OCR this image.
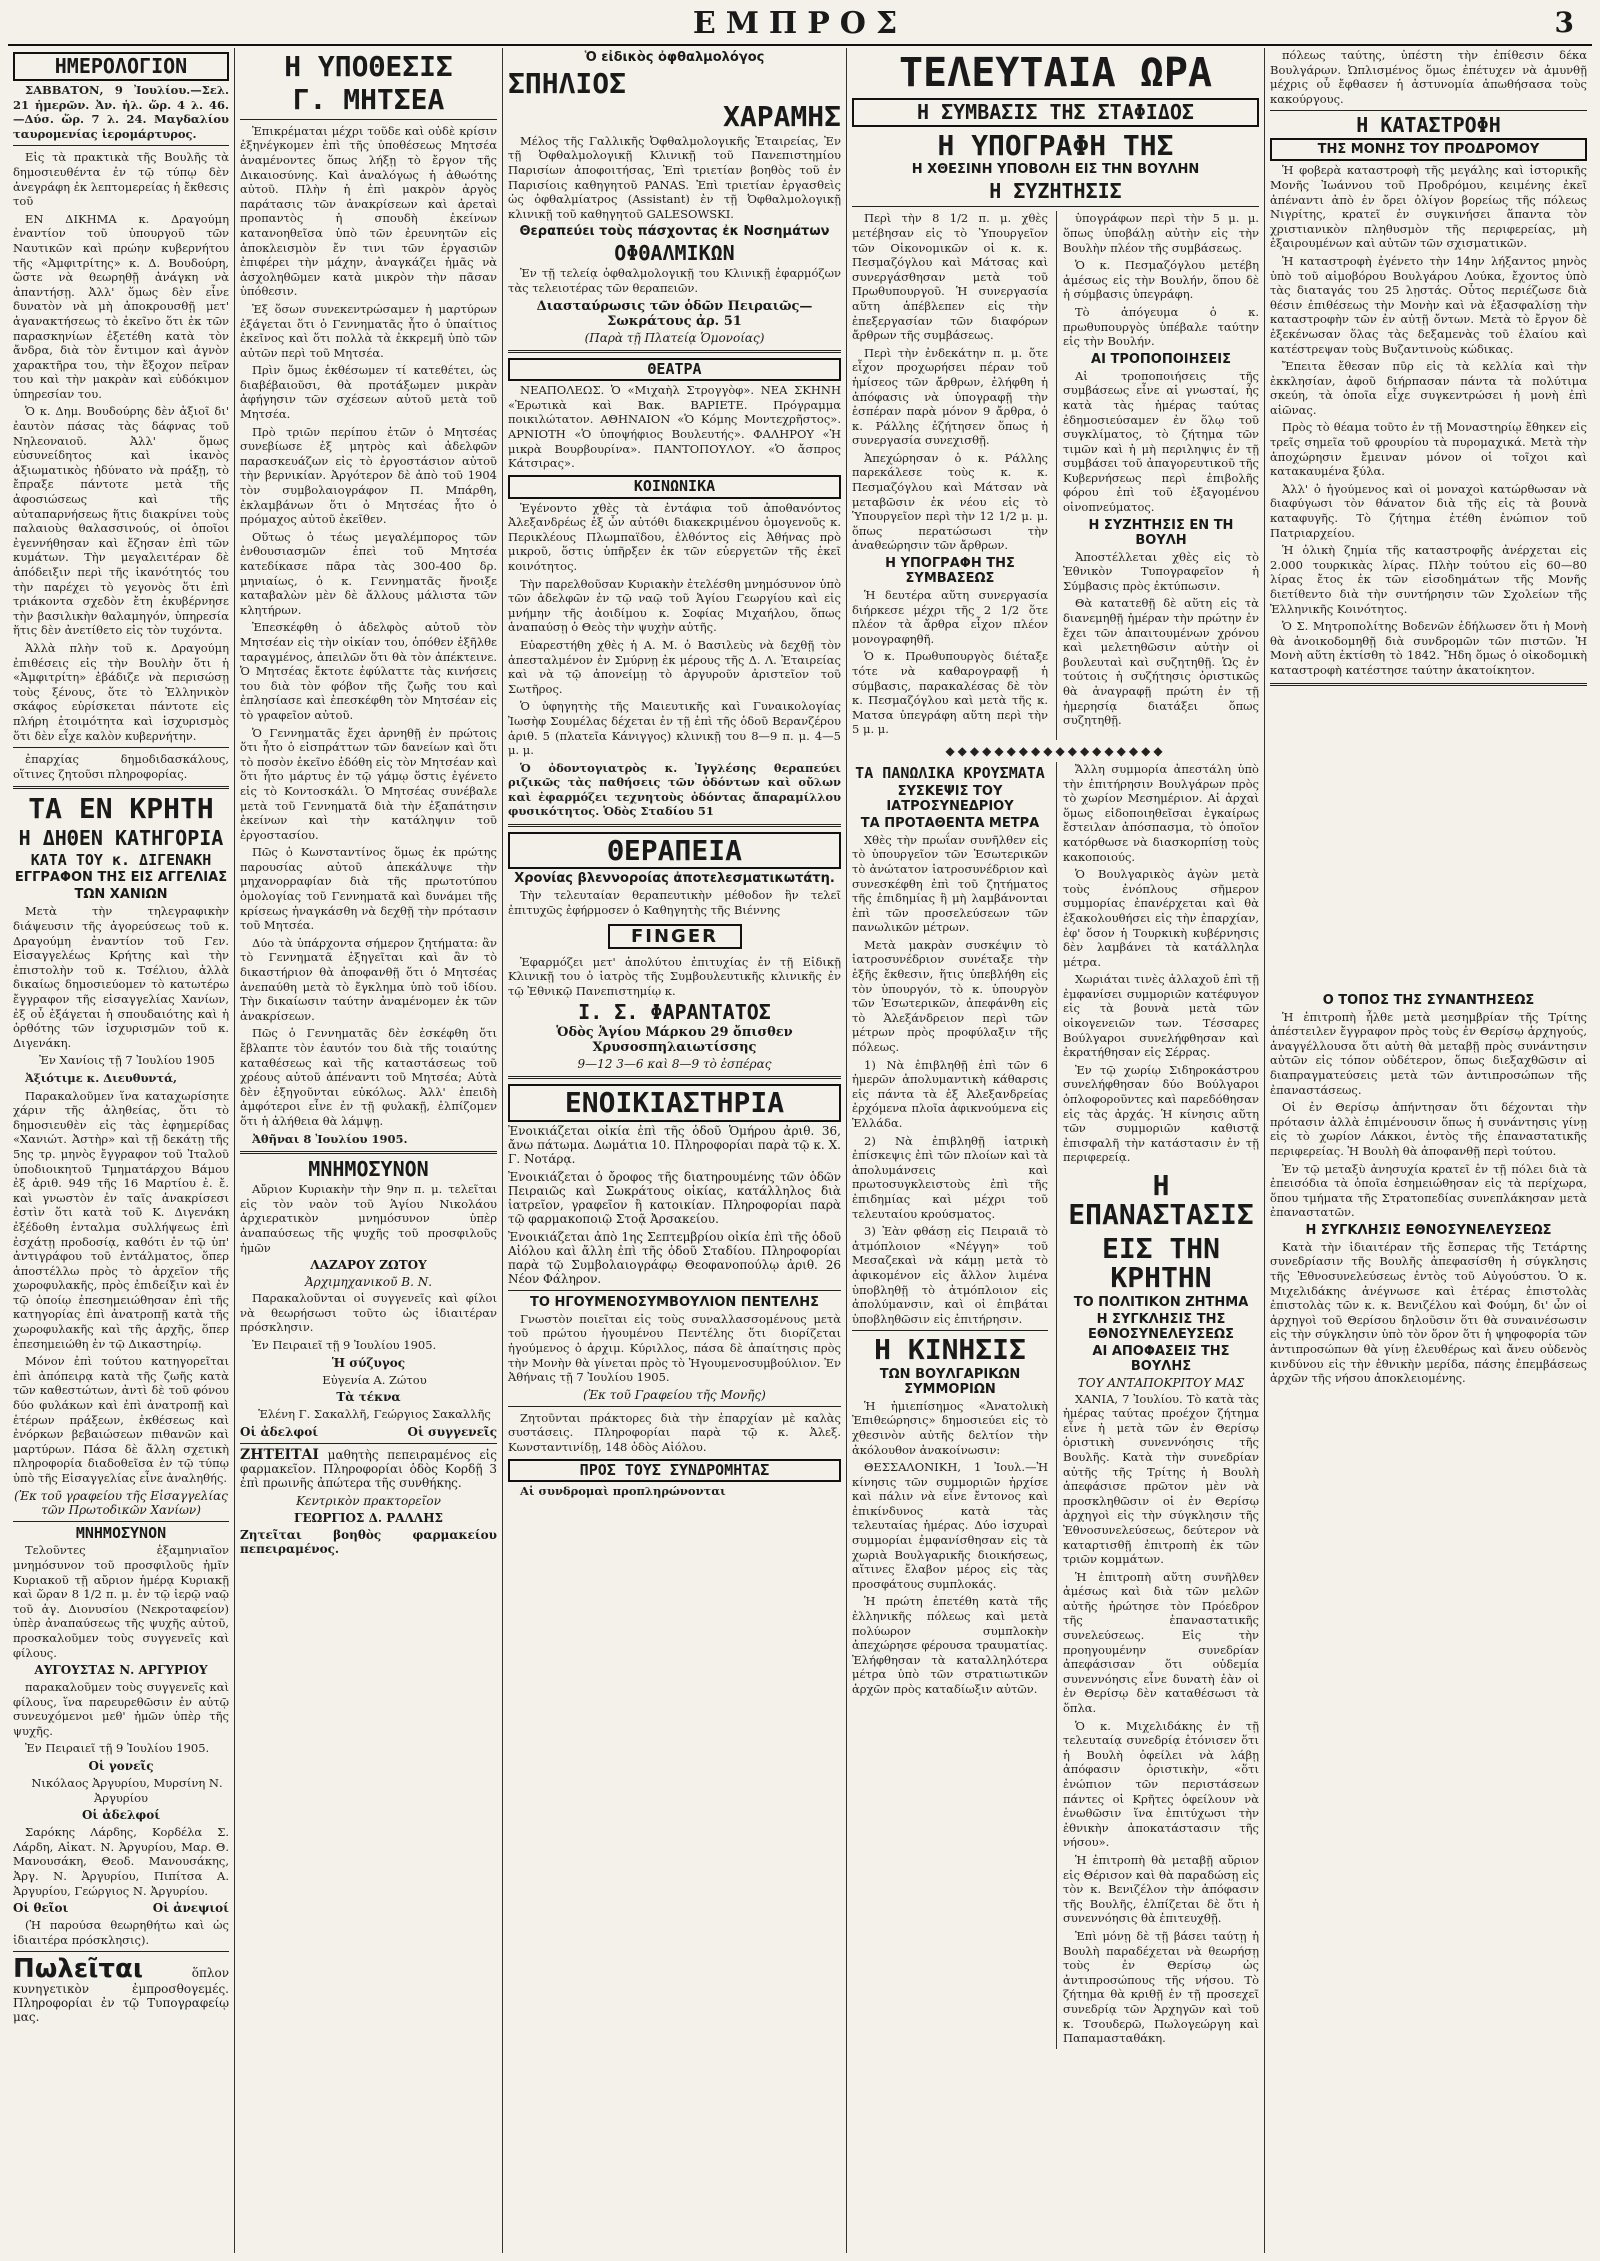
ΕΜΠΡΟΣ	3
ΗΜΕΡΟΛΟΓΙΟΝ

ΣΑΒΒΑΤΟΝ, 9 Ἰουλίου.—Σελ. 21 ἡμερῶν. Ἀν. ἡλ. ὥρ. 4 λ. 46. —Δύσ. ὥρ. 7 λ. 24. Μαγδαλίου ταυρομενίας ἱερομάρτυρος.

Εἰς τὰ πρακτικὰ τῆς Βουλῆς τὰ δημοσιευθέντα ἐν τῷ τύπῳ δὲν ἀνεγράφη ἐκ λεπτομερείας ἡ ἔκθεσις τοῦ

ΕΝ ΔΙΚΗΜΑ κ. Δραγούμη ἐναντίον τοῦ ὑπουργοῦ τῶν Ναυτικῶν καὶ πρώην κυβερνήτου τῆς «Ἀμφιτρίτης» κ. Δ. Βουδούρη, ὥστε νὰ θεωρηθῇ ἀνάγκη νὰ ἀπαντήσῃ. Ἀλλ' ὅμως δὲν εἶνε δυνατὸν νὰ μὴ ἀποκρουσθῇ μετ' ἀγανακτήσεως τὸ ἐκεῖνο ὅτι ἐκ τῶν παρασκηνίων ἐξετέθη κατὰ τὸν ἄνδρα, διὰ τὸν ἔντιμον καὶ ἁγνὸν χαρακτῆρα του, τὴν ἔξοχον πεῖραν του καὶ τὴν μακρὰν καὶ εὐδόκιμον ὑπηρεσίαν του.

Ὁ κ. Δημ. Βουδούρης δὲν ἀξιοῖ δι' ἐαυτὸν πάσας τὰς δάφνας τοῦ Νηλεοναιοῦ. Ἀλλ' ὅμως εὐσυνείδητος καὶ ἱκανὸς ἀξιωματικὸς ἠδύνατο νὰ πράξῃ, τὸ ἔπραξε πάντοτε μετὰ τῆς ἀφοσιώσεως καὶ τῆς αὐταπαρνήσεως ἥτις διακρίνει τοὺς παλαιοὺς θαλασσινούς, οἱ ὁποῖοι ἐγεννήθησαν καὶ ἔζησαν ἐπὶ τῶν κυμάτων. Τὴν μεγαλειτέραν δὲ ἀπόδειξιν περὶ τῆς ἱκανότητός του τὴν παρέχει τὸ γεγονὸς ὅτι ἐπὶ τριάκοντα σχεδὸν ἔτη ἐκυβέρνησε τὴν βασιλικὴν θαλαμηγόν, ὑπηρεσία ἥτις δὲν ἀνετίθετο εἰς τὸν τυχόντα.

Ἀλλὰ πλὴν τοῦ κ. Δραγούμη ἐπιθέσεις εἰς τὴν Βουλὴν ὅτι ἡ «Ἀμφιτρίτη» ἐβάδιζε νὰ περισώσῃ τοὺς ξένους, ὅτε τὸ Ἑλληνικὸν σκάφος εὑρίσκεται πάντοτε εἰς πλήρη ἑτοιμότητα καὶ ἰσχυρισμὸς ὅτι δὲν εἶχε καλὸν κυβερνήτην.

ἐπαρχίας δημοδιδασκάλους, οἵτινες ζητοῦσι πληροφορίας.

ΤΑ ΕΝ ΚΡΗΤΗ
Η ΔΗΘΕΝ ΚΑΤΗΓΟΡΙΑ
ΚΑΤΑ ΤΟΥ κ. ΔΙΓΕΝΑΚΗ
ΕΓΓΡΑΦΟΝ ΤΗΣ ΕΙΣ ΑΓΓΕΛΙΑΣ
ΤΩΝ ΧΑΝΙΩΝ

Μετὰ τὴν τηλεγραφικὴν διάψευσιν τῆς ἀγορεύσεως τοῦ κ. Δραγούμη ἐναντίον τοῦ Γεν. Εἰσαγγελέως Κρήτης καὶ τὴν ἐπιστολὴν τοῦ κ. Τσέλιου, ἀλλὰ δικαίως δημοσιεύομεν τὸ κατωτέρω ἔγγραφον τῆς εἰσαγγελίας Χανίων, ἐξ οὗ ἐξάγεται ἡ σπουδαιότης καὶ ἡ ὁρθότης τῶν ἰσχυρισμῶν τοῦ κ. Διγενάκη.

Ἐν Χανίοις τῇ 7 Ἰουλίου 1905

Ἀξιότιμε κ. Διευθυντά,

Παρακαλοῦμεν ἵνα καταχωρίσητε χάριν τῆς ἀληθείας, ὅτι τὸ δημοσιευθὲν εἰς τὰς ἐφημερίδας «Χανιώτ. Ἀστὴρ» καὶ τῇ δεκάτῃ τῆς 5ης τρ. μηνὸς ἔγγραφον τοῦ Ἰταλοῦ ὑποδιοικητοῦ Τμηματάρχου Βάμου ἐξ ἀριθ. 949 τῆς 16 Μαρτίου ἐ. ἔ. καὶ γνωστὸν ἐν ταῖς ἀνακρίσεσι ἐστὶν ὅτι κατὰ τοῦ Κ. Διγενάκη ἐξέδοθη ἐνταλμα συλλήψεως ἐπὶ ἐσχάτῃ προδοσίᾳ, καθότι ἐν τῷ ὑπ' ἀντιγράφου τοῦ ἐντάλματος, ὅπερ ἀποστέλλω πρὸς τὸ ἀρχεῖον τῆς χωροφυλακῆς, πρὸς ἐπιδείξιν καὶ ἐν τῷ ὁποίῳ ἐπεσημειώθησαν ἐπὶ τῆς κατηγορίας ἐπὶ ἀνατροπῇ κατὰ τῆς χωροφυλακῆς καὶ τῆς ἀρχῆς, ὅπερ ἐπεσημειώθη ἐν τῷ Δικαστηρίῳ.

Μόνον ἐπὶ τούτου κατηγορεῖται ἐπὶ ἀπόπειρᾳ κατὰ τῆς ζωῆς κατὰ τῶν καθεστώτων, ἀντὶ δὲ τοῦ φόνου δύο φυλάκων καὶ ἐπὶ ἀνατροπῇ καὶ ἑτέρων πράξεων, ἐκθέσεως καὶ ἐνόρκων βεβαιώσεων πιθανῶν καὶ μαρτύρων. Πάσα δὲ ἄλλη σχετικὴ πληροφορία διαδοθεῖσα ἐν τῷ τύπῳ ὑπὸ τῆς Εἰσαγγελίας εἶνε ἀναληθής.

(Ἐκ τοῦ γραφείου τῆς Εἰσαγγελίας τῶν Πρωτοδικῶν Χανίων)

ΜΝΗΜΟΣΥΝΟΝ

Τελοῦντες ἐξαμηνιαῖον μνημόσυνον τοῦ προσφιλοῦς ἡμῖν Κυριακοῦ τῇ αὔριον ἡμέρᾳ Κυριακῇ καὶ ὥραν 8 1/2 π. μ. ἐν τῷ ἱερῷ ναῷ τοῦ ἁγ. Διονυσίου (Νεκροταφείον) ὑπὲρ ἀναπαύσεως τῆς ψυχῆς αὐτοῦ, προσκαλοῦμεν τοὺς συγγενεῖς καὶ φίλους.

ΑΥΓΟΥΣΤΑΣ Ν. ΑΡΓΥΡΙΟΥ

παρακαλοῦμεν τοὺς συγγενεῖς καὶ φίλους, ἵνα παρευρεθῶσιν ἐν αὐτῷ συνευχόμενοι μεθ' ἡμῶν ὑπὲρ τῆς ψυχῆς.

Ἐν Πειραιεῖ τῇ 9 Ἰουλίου 1905.

Οἱ γονεῖς

Νικόλαος Ἀργυρίου, Μυρσίνη Ν. Ἀργυρίου

Οἱ ἀδελφοί

Σαρόκης Λάρδης, Κορδέλα Σ. Λάρδη, Αἰκατ. Ν. Ἀργυρίου, Μαρ. Θ. Μανουσάκη, Θεοδ. Μανουσάκης, Ἀργ. Ν. Ἀργυρίου, Πιπίτσα Α. Ἀργυρίου, Γεώργιος Ν. Ἀργυρίου.

Οἱ θεῖοι	Οἱ ἀνεψιοί

(Ἡ παρούσα θεωρηθήτω καὶ ὡς ἰδιαιτέρα πρόσκλησις).

Πωλεῖται	ὅπλον κυνηγετικὸν ἐμπροσθογεμές. Πληροφορίαι ἐν τῷ Τυπογραφείῳ μας.

Η ΥΠΟΘΕΣΙΣ
Γ. ΜΗΤΣΕΑ

Ἐπικρέμαται μέχρι τοῦδε καὶ οὐδὲ κρίσιν ἐξηνέγκομεν ἐπὶ τῆς ὑποθέσεως Μητσέα ἀναμένοντες ὅπως λήξῃ τὸ ἔργον τῆς Δικαιοσύνης. Καὶ ἀναλόγως ἡ ἀθωότης αὐτοῦ. Πλὴν ἡ ἐπὶ μακρὸν ἀργὸς παράτασις τῶν ἀνακρίσεων καὶ ἀρεταὶ προπαντὸς ἡ σπουδὴ ἐκείνων κατανοηθεῖσα ὑπὸ τῶν ἐρευνητῶν εἰς ἀποκλεισμὸν ἔν τινι τῶν ἐργασιῶν ἐπιφέρει τὴν μάχην, ἀναγκάζει ἡμᾶς νὰ ἀσχοληθῶμεν κατὰ μικρὸν τὴν πᾶσαν ὑπόθεσιν.

Ἐξ ὅσων συνεκεντρώσαμεν ἡ μαρτύρων ἐξάγεται ὅτι ὁ Γεννηματᾶς ἦτο ὁ ὑπαίτιος ἐκεῖνος καὶ ὅτι πολλὰ τὰ ἐκκρεμῆ ὑπὸ τῶν αὐτῶν περὶ τοῦ Μητσέα.

Πρὶν ὅμως ἐκθέσωμεν τί κατεθέτει, ὡς διαβέβαιοῦσι, θὰ προτάξωμεν μικρὰν ἀφήγησιν τῶν σχέσεων αὐτοῦ μετὰ τοῦ Μητσέα.

Πρὸ τριῶν περίπου ἐτῶν ὁ Μητσέας συνεβίωσε ἐξ μητρὸς καὶ ἀδελφῶν παρασκευάζων εἰς τὸ ἐργοστάσιον αὐτοῦ τὴν βερνικίαν. Ἀργότερον δὲ ἀπὸ τοῦ 1904 τὸν συμβολαιογράφον Π. Μπάρθη, ἐκλαμβάνων ὅτι ὁ Μητσέας ἦτο ὁ πρόμαχος αὐτοῦ ἐκεῖθεν.

Οὕτως ὁ τέως μεγαλέμπορος τῶν ἐνθουσιασμῶν ἐπεὶ τοῦ Μητσέα κατεδίκασε πᾶρα τὰς 300-400 δρ. μηνιαίως, ὁ κ. Γεννηματᾶς ἤνοιξε καταβαλὼν μὲν δὲ ἄλλους μάλιστα τῶν κλητήρων.

Ἐπεσκέφθη ὁ ἀδελφὸς αὐτοῦ τὸν Μητσέαν εἰς τὴν οἰκίαν του, ὁπόθεν ἐξῆλθε ταραγμένος, ἀπειλῶν ὅτι θὰ τὸν ἀπέκτεινε. Ὁ Μητσέας ἔκτοτε ἐφύλαττε τὰς κινήσεις του διὰ τὸν φόβον τῆς ζωῆς του καὶ ἐπλησίασε καὶ ἐπεσκέφθη τὸν Μητσέαν εἰς τὸ γραφεῖον αὐτοῦ.

Ὁ Γεννηματᾶς ἔχει ἀρνηθῇ ἐν πρώτοις ὅτι ἦτο ὁ εἰσπράττων τῶν δανείων καὶ ὅτι τὸ ποσὸν ἐκεῖνο ἐδόθη εἰς τὸν Μητσέαν καὶ ὅτι ἦτο μάρτυς ἐν τῷ γάμῳ ὅστις ἐγένετο εἰς τὸ Κοντοσκάλι. Ὁ Μητσέας συνέβαλε μετὰ τοῦ Γεννηματᾶ διὰ τὴν ἐξαπάτησιν ἐκείνων καὶ τὴν κατάληψιν τοῦ ἐργοστασίου.

Πῶς ὁ Κωνσταντίνος ὅμως ἐκ πρώτης παρουσίας αὐτοῦ ἀπεκάλυψε τὴν μηχανορραφίαν διὰ τῆς πρωτοτύπου ὁμολογίας τοῦ Γεννηματᾶ καὶ δυνάμει τῆς κρίσεως ἠναγκάσθη νὰ δεχθῇ τὴν πρότασιν τοῦ Μητσέα.

Δύο τὰ ὑπάρχοντα σήμερον ζητήματα: ἂν τὸ Γεννηματᾶ ἐξηγεῖται καὶ ἂν τὸ δικαστήριον θὰ ἀποφανθῇ ὅτι ὁ Μητσέας ἀνεπαύθη μετὰ τὸ ἔγκλημα ὑπὸ τοῦ ἰδίου. Τὴν δικαίωσιν ταύτην ἀναμένομεν ἐκ τῶν ἀνακρίσεων.

Πῶς ὁ Γεννηματᾶς δὲν ἐσκέφθη ὅτι ἔβλαπτε τὸν ἑαυτόν του διὰ τῆς τοιαύτης καταθέσεως καὶ τῆς καταστάσεως τοῦ χρέους αὐτοῦ ἀπέναντι τοῦ Μητσέα; Αὐτὰ δὲν ἐξηγοῦνται εὐκόλως. Ἀλλ' ἐπειδὴ ἀμφότεροι εἶνε ἐν τῇ φυλακῇ, ἐλπίζομεν ὅτι ἡ ἀλήθεια θὰ λάμψῃ.

Ἀθῆναι 8 Ἰουλίου 1905.

ΜΝΗΜΟΣΥΝΟΝ

Αὔριον Κυριακὴν τὴν 9ην π. μ. τελεῖται εἰς τὸν ναὸν τοῦ Ἁγίου Νικολάου ἀρχιερατικὸν μνημόσυνον ὑπὲρ ἀναπαύσεως τῆς ψυχῆς τοῦ προσφιλοῦς ἡμῶν

ΛΑΖΑΡΟΥ ΖΩΤΟΥ
Ἀρχιμηχανικοῦ Β. Ν.

Παρακαλοῦνται οἱ συγγενεῖς καὶ φίλοι νὰ θεωρήσωσι τοῦτο ὡς ἰδιαιτέραν πρόσκλησιν.

Ἐν Πειραιεῖ τῇ 9 Ἰουλίου 1905.

Ἡ σύζυγος

Εὐγενία Α. Ζώτου

Τὰ τέκνα

Ἑλένη Γ. Σακαλλῆ, Γεώργιος Σακαλλῆς

Οἱ ἀδελφοί	Οἱ συγγενεῖς

ΖΗΤΕΙΤΑΙ μαθητὴς πεπειραμένος εἰς φαρμακεῖον. Πληροφορίαι ὁδὸς Κορδῇ 3 ἐπὶ πρωινῆς ἀπώτερα τῆς συνθήκης.

Κεντρικὸν πρακτορεῖον

ΓΕΩΡΓΙΟΣ Δ. ΡΑΛΛΗΣ

Ζητεῖται βοηθὸς φαρμακείου πεπειραμένος.

Ὁ εἰδικὸς ὀφθαλμολόγος
ΣΠΗΛΙΟΣ
ΧΑΡΑΜΗΣ

Μέλος τῆς Γαλλικῆς Ὀφθαλμολογικῆς Ἑταιρείας, Ἐν τῇ Ὀφθαλμολογικῇ Κλινικῇ τοῦ Πανεπιστημίου Παρισίων ἀποφοιτήσας, Ἐπὶ τριετίαν βοηθὸς τοῦ ἐν Παρισίοις καθηγητοῦ PANAS. Ἐπὶ τριετίαν ἐργασθεὶς ὡς ὀφθαλμίατρος (Assistant) ἐν τῇ Ὀφθαλμολογικῇ κλινικῇ τοῦ καθηγητοῦ GALESOWSKI.

Θεραπεύει τοὺς πάσχοντας ἐκ Νοσημάτων
ΟΦΘΑΛΜΙΚΩΝ

Ἐν τῇ τελείᾳ ὀφθαλμολογικῇ του Κλινικῇ ἐφαρμόζων τὰς τελειοτέρας τῶν θεραπειῶν.

Διασταύρωσις τῶν ὁδῶν Πειραιῶς—Σωκράτους ἀρ. 51
(Παρὰ τῇ Πλατείᾳ Ὁμονοίας)
ΘΕΑΤΡΑ

ΝΕΑΠΟΛΕΩΣ. Ὁ «Μιχαὴλ Στρογγὸφ». ΝΕΑ ΣΚΗΝΗ «Ἐρωτικὰ καὶ Βακ. ΒΑΡΙΕΤΕ. Πρόγραμμα ποικιλώτατον. ΑΘΗΝΑΙΟΝ «Ὁ Κόμης Μοντεχρῆστος». ΑΡΝΙΟΤΗ «Ὁ ὑποψήφιος Βουλευτής». ΦΑΛΗΡΟΥ «Ἡ μικρὰ Βουρβουρίνα». ΠΑΝΤΟΠΟΥΛΟΥ. «Ὁ ἄσπρος Κάτσιρας».

ΚΟΙΝΩΝΙΚΑ

Ἐγένοντο χθὲς τὰ ἐντάφια τοῦ ἀποθανόντος Ἀλεξανδρέως ἐξ ὧν αὐτόθι διακεκριμένου ὁμογενοῦς κ. Περικλέους Πλωμπαϊδου, ἐλθόντος εἰς Ἀθήνας πρὸ μικροῦ, ὅστις ὑπῆρξεν ἐκ τῶν εὐεργετῶν τῆς ἐκεῖ κοινότητος.

Τὴν παρελθοῦσαν Κυριακὴν ἐτελέσθη μνημόσυνον ὑπὸ τῶν ἀδελφῶν ἐν τῷ ναῷ τοῦ Ἁγίου Γεωργίου καὶ εἰς μνήμην τῆς ἀοιδίμου κ. Σοφίας Μιχαήλου, ὅπως ἀναπαύσῃ ὁ Θεὸς τὴν ψυχὴν αὐτῆς.

Εὐαρεστήθη χθὲς ἡ Α. Μ. ὁ Βασιλεὺς νὰ δεχθῇ τὸν ἀπεσταλμένον ἐν Σμύρνῃ ἐκ μέρους τῆς Δ. Λ. Ἐταιρείας καὶ νὰ τῷ ἀπονείμῃ τὸ ἀργυροῦν ἀριστεῖον τοῦ Σωτῆρος.

Ὁ ὑφηγητὴς τῆς Μαιευτικῆς καὶ Γυναικολογίας Ἰωσὴφ Σουμέλας δέχεται ἐν τῇ ἐπὶ τῆς ὁδοῦ Βερανζέρου ἀριθ. 5 (πλατεῖα Κάνιγγος) κλινικῇ του 8—9 π. μ. 4—5 μ. μ.

Ὁ ὀδοντογιατρὸς κ. Ἰγγλέσης θεραπεύει ριζικῶς τὰς παθήσεις τῶν ὀδόντων καὶ οὔλων καὶ ἐφαρμόζει τεχνητοὺς ὀδόντας ἄπαραμίλλου φυσικότητος. Ὁδὸς Σταδίου 51

ΘΕΡΑΠΕΙΑ
Χρονίας βλεννοροίας ἀποτελεσματικωτάτη.

Τὴν τελευταίαν θεραπευτικὴν μέθοδον ἣν τελεῖ ἐπιτυχῶς ἐφήρμοσεν ὁ Καθηγητὴς τῆς Βιέννης

FINGER

Ἐφαρμόζει μετ' ἀπολύτου ἐπιτυχίας ἐν τῇ Εἰδικῇ Κλινικῇ του ὁ ἰατρὸς τῆς Συμβουλευτικῆς κλινικῆς ἐν τῷ Ἐθνικῷ Πανεπιστημίῳ κ.

Ι. Σ. ΦΑΡΑΝΤΑΤΟΣ
Ὁδὸς Ἁγίου Μάρκου 29 ὄπισθεν Χρυσοσπηλαιωτίσσης
9—12 3—6 καὶ 8—9 τὸ ἑσπέρας
ΕΝΟΙΚΙΑΣΤΗΡΙΑ

Ἐνοικιάζεται οἰκία ἐπὶ τῆς ὁδοῦ Ὁμήρου ἀριθ. 36, ἄνω πάτωμα. Δωμάτια 10. Πληροφορίαι παρὰ τῷ κ. Χ. Γ. Νοτάρᾳ.

Ἐνοικιάζεται ὁ ὄροφος τῆς διατηρουμένης τῶν ὁδῶν Πειραιῶς καὶ Σωκράτους οἰκίας, κατάλληλος διὰ ἰατρεῖον, γραφεῖον ἢ κατοικίαν. Πληροφορίαι παρὰ τῷ φαρμακοποιῷ Στοᾷ Ἀρσακείου.

Ἐνοικιάζεται ἀπὸ 1ης Σεπτεμβρίου οἰκία ἐπὶ τῆς ὁδοῦ Αἰόλου καὶ ἄλλη ἐπὶ τῆς ὁδοῦ Σταδίου. Πληροφορίαι παρὰ τῷ Συμβολαιογράφῳ Θεοφανοπούλῳ ἀριθ. 26 Νέον Φάληρον.

ΤΟ ΗΓΟΥΜΕΝΟΣΥΜΒΟΥΛΙΟΝ ΠΕΝΤΕΛΗΣ

Γνωστὸν ποιεῖται εἰς τοὺς συναλλασσομένους μετὰ τοῦ πρώτου ἡγουμένου Πεντέλης ὅτι διορίζεται ἡγούμενος ὁ ἀρχιμ. Κύριλλος, πάσα δὲ ἀπαίτησις πρὸς τὴν Μονὴν θὰ γίνεται πρὸς τὸ Ἡγουμενοσυμβούλιον. Ἐν Ἀθήναις τῇ 7 Ἰουλίου 1905.

(Ἐκ τοῦ Γραφείου τῆς Μονῆς)

Ζητοῦνται πράκτορες διὰ τὴν ἐπαρχίαν μὲ καλὰς συστάσεις. Πληροφορίαι παρὰ τῷ κ. Ἀλεξ. Κωνσταντινίδῃ, 148 ὁδὸς Αἰόλου.

ΠΡΟΣ ΤΟΥΣ ΣΥΝΔΡΟΜΗΤΑΣ

Αἱ συνδρομαὶ προπληρώνονται

ΤΕΛΕΥΤΑΙΑ ΩΡΑ
Η ΣΥΜΒΑΣΙΣ ΤΗΣ ΣΤΑΦΙΔΟΣ
Η ΥΠΟΓΡΑΦΗ ΤΗΣ
Η ΧΘΕΣΙΝΗ ΥΠΟΒΟΛΗ ΕΙΣ ΤΗΝ ΒΟΥΛΗΝ
Η ΣΥΖΗΤΗΣΙΣ

Περὶ τὴν 8 1/2 π. μ. χθὲς μετέβησαν εἰς τὸ Ὑπουργεῖον τῶν Οἰκονομικῶν οἱ κ. κ. Πεσμαζόγλου καὶ Μάτσας καὶ συνεργάσθησαν μετὰ τοῦ Πρωθυπουργοῦ. Ἡ συνεργασία αὕτη ἀπέβλεπεν εἰς τὴν ἐπεξεργασίαν τῶν διαφόρων ἄρθρων τῆς συμβάσεως.

Περὶ τὴν ἐνδεκάτην π. μ. ὅτε εἶχον προχωρήσει πέραν τοῦ ἡμίσεος τῶν ἄρθρων, ἐλήφθη ἡ ἀπόφασις νὰ ὑπογραφῇ τὴν ἑσπέραν παρὰ μόνον 9 ἄρθρα, ὁ κ. Ράλλης ἐζήτησεν ὅπως ἡ συνεργασία συνεχισθῇ.

Ἀπεχώρησαν ὁ κ. Ράλλης παρεκάλεσε τοὺς κ. κ. Πεσμαζόγλου καὶ Μάτσαν νὰ μεταβῶσιν ἐκ νέου εἰς τὸ Ὑπουργεῖον περὶ τὴν 12 1/2 μ. μ. ὅπως περατώσωσι τὴν ἀναθεώρησιν τῶν ἄρθρων.

Η ΥΠΟΓΡΑΦΗ ΤΗΣ ΣΥΜΒΑΣΕΩΣ

Ἡ δευτέρα αὕτη συνεργασία διήρκεσε μέχρι τῆς 2 1/2 ὅτε πλέον τὰ ἄρθρα εἶχον πλέον μονογραφηθῆ.

Ὁ κ. Πρωθυπουργὸς διέταξε τότε νὰ καθαρογραφῇ ἡ σύμβασις, παρακαλέσας δὲ τὸν κ. Πεσμαζόγλου καὶ μετὰ τῆς κ. Ματσα ὑπεγράφη αὕτη περὶ τὴν 5 μ. μ.

ὑπογράφων περὶ τὴν 5 μ. μ. ὅπως ὑποβάλῃ αὐτὴν εἰς τὴν Βουλὴν πλέον τῆς συμβάσεως.

Ὁ κ. Πεσμαζόγλου μετέβη ἀμέσως εἰς τὴν Βουλήν, ὅπου δὲ ἡ σύμβασις ὑπεγράφη.

Τὸ ἀπόγευμα ὁ κ. πρωθυπουργὸς ὑπέβαλε ταύτην εἰς τὴν Βουλήν.

ΑΙ ΤΡΟΠΟΠΟΙΗΣΕΙΣ

Αἱ τροποποιήσεις τῆς συμβάσεως εἶνε αἱ γνωσταί, ἧς κατὰ τὰς ἡμέρας ταύτας ἐδημοσιεύσαμεν ἐν ὅλῳ τοῦ συγκλίματος, τὸ ζήτημα τῶν τιμῶν καὶ ἡ μὴ περιληψις ἐν τῇ συμβάσει τοῦ ἀπαγορευτικοῦ τῆς Κυβερνήσεως περὶ ἐπιβολῆς φόρου ἐπὶ τοῦ ἐξαγομένου οἰνοπνεύματος.

Η ΣΥΖΗΤΗΣΙΣ ΕΝ ΤΗ ΒΟΥΛΗ

Ἀποστέλλεται χθὲς εἰς τὸ Ἐθνικὸν Τυπογραφεῖον ἡ Σύμβασις πρὸς ἐκτύπωσιν.

Θὰ κατατεθῇ δὲ αὕτη εἰς τὰ διανεμηθῇ ἡμέραν τὴν πρώτην ἐν ἔχει τῶν ἀπαιτουμένων χρόνου καὶ μελετηθῶσιν αὐτὴν οἱ βουλευταὶ καὶ συζητηθῇ. Ὡς ἐν τούτοις ἡ συζήτησις ὁριστικῶς θὰ ἀναγραφῇ πρώτη ἐν τῇ ἡμερησίᾳ διατάξει ὅπως συζητηθῇ.

◆◆◆◆◆◆◆◆◆◆◆◆◆◆◆◆◆◆
ΤΑ ΠΑΝΩΛΙΚΑ ΚΡΟΥΣΜΑΤΑ
ΣΥΣΚΕΨΙΣ ΤΟΥ ΙΑΤΡΟΣΥΝΕΔΡΙΟΥ
ΤΑ ΠΡΟΤΑΘΕΝΤΑ ΜΕΤΡΑ

Χθὲς τὴν πρωΐαν συνῆλθεν εἰς τὸ ὑπουργεῖον τῶν Ἐσωτερικῶν τὸ ἀνώτατον ἰατροσυνέδριον καὶ συνεσκέφθη ἐπὶ τοῦ ζητήματος τῆς ἐπιδημίας ἣ μὴ λαμβάνονται ἐπὶ τῶν προσελεύσεων τῶν πανωλικῶν μέτρων.

Μετὰ μακρὰν συσκέψιν τὸ ἰατροσυνέδριον συνέταξε τὴν ἑξῆς ἔκθεσιν, ἥτις ὑπεβλήθη εἰς τὸν ὑπουργόν, τὸ κ. ὑπουργὸν τῶν Ἐσωτερικῶν, ἀπεφάνθη εἰς τὸ Ἀλεξάνδρειον περὶ τῶν μέτρων πρὸς προφύλαξιν τῆς πόλεως.

1) Νὰ ἐπιβληθῇ ἐπὶ τῶν 6 ἡμερῶν ἀπολυμαντικὴ κάθαρσις εἰς πάντα τὰ ἐξ Ἀλεξανδρείας ἐρχόμενα πλοῖα ἀφικνούμενα εἰς Ἑλλάδα.

2) Νὰ ἐπιβληθῇ ἰατρικὴ ἐπίσκεψις ἐπὶ τῶν πλοίων καὶ τὰ ἀπολυμάνσεις καὶ πρωτοσυγκλειστοὺς ἐπὶ τῆς ἐπιδημίας καὶ μέχρι τοῦ τελευταίου κρούσματος.

3) Ἐὰν φθάσῃ εἰς Πειραιᾶ τὸ ἀτμόπλοιον «Νέγγη» τοῦ Μεσαζεκαὶ νὰ κάμῃ μετὰ τὸ ἀφικομένον εἰς ἄλλον λιμένα ὑποβληθῇ τὸ ἀτμόπλοιον εἰς ἀπολύμανσιν, καὶ οἱ ἐπιβάται ὑποβληθῶσιν εἰς ἐπιτήρησιν.

Η ΚΙΝΗΣΙΣ
ΤΩΝ ΒΟΥΛΓΑΡΙΚΩΝ ΣΥΜΜΟΡΙΩΝ

Ἡ ἡμιεπίσημος «Ἀνατολικὴ Ἐπιθεώρησις» δημοσιεύει εἰς τὸ χθεσινὸν αὐτῆς δελτίον τὴν ἀκόλουθον ἀνακοίνωσιν:

ΘΕΣΣΑΛΟΝΙΚΗ, 1 Ἰουλ.—Ἡ κίνησις τῶν συμμοριῶν ἠρχίσε καὶ πάλιν νὰ εἶνε ἔντονος καὶ ἐπικίνδυνος κατὰ τὰς τελευταίας ἡμέρας. Δύο ἰσχυραὶ συμμορίαι ἐμφανίσθησαν εἰς τὰ χωριὰ Βουλγαρικῆς διοικήσεως, αἵτινες ἔλαβον μέρος εἰς τὰς προσφάτους συμπλοκάς.

Ἡ πρώτη ἐπετέθη κατὰ τῆς ἐλληνικῆς πόλεως καὶ μετὰ πολύωρον συμπλοκὴν ἀπεχώρησε φέρουσα τραυματίας. Ἐλήφθησαν τὰ καταλληλότερα μέτρα ὑπὸ τῶν στρατιωτικῶν ἀρχῶν πρὸς καταδίωξιν αὐτῶν.

Ἄλλη συμμορία ἀπεστάλη ὑπὸ τὴν ἐπιτήρησιν Βουλγάρων πρὸς τὸ χωρίον Μεσημέριον. Αἱ ἀρχαὶ ὅμως εἰδοποιηθεῖσαι ἐγκαίρως ἔστειλαν ἀπόσπασμα, τὸ ὁποῖον κατόρθωσε νὰ διασκορπίσῃ τοὺς κακοποιούς.

Ὁ Βουλγαρικὸς ἀγὼν μετὰ τοὺς ἐνόπλους σῆμερον συμμορίας ἐπανέρχεται καὶ θὰ ἐξακολουθήσει εἰς τὴν ἐπαρχίαν, ἐφ' ὅσον ἡ Τουρκικὴ κυβέρνησις δὲν λαμβάνει τὰ κατάλληλα μέτρα.

Χωριάται τινὲς ἀλλαχοῦ ἐπὶ τῇ ἐμφανίσει συμμοριῶν κατέφυγον εἰς τὰ βουνὰ μετὰ τῶν οἰκογενειῶν των. Τέσσαρες Βούλγαροι συνελήφθησαν καὶ ἐκρατήθησαν εἰς Σέρρας.

Ἐν τῷ χωρίῳ Σιδηροκάστρου συνελήφθησαν δύο Βούλγαροι ὁπλοφοροῦντες καὶ παρεδόθησαν εἰς τὰς ἀρχάς. Ἡ κίνησις αὕτη τῶν συμμοριῶν καθιστᾷ ἐπισφαλῆ τὴν κατάστασιν ἐν τῇ περιφερείᾳ.

Η ΕΠΑΝΑΣΤΑΣΙΣ
ΕΙΣ ΤΗΝ ΚΡΗΤΗΝ
ΤΟ ΠΟΛΙΤΙΚΟΝ ΖΗΤΗΜΑ
Η ΣΥΓΚΛΗΣΙΣ ΤΗΣ ΕΘΝΟΣΥΝΕΛΕΥΣΕΩΣ
ΑΙ ΑΠΟΦΑΣΕΙΣ ΤΗΣ ΒΟΥΛΗΣ
ΤΟΥ ΑΝΤΑΠΟΚΡΙΤΟΥ ΜΑΣ

ΧΑΝΙΑ, 7 Ἰουλίου. Τὸ κατὰ τὰς ἡμέρας ταύτας προέχον ζήτημα εἶνε ἡ μετὰ τῶν ἐν Θερίσῳ ὁριστικὴ συνεννόησις τῆς Βουλῆς. Κατὰ τὴν συνεδρίαν αὐτῆς τῆς Τρίτης ἡ Βουλὴ ἀπεφάσισε πρῶτον μὲν νὰ προσκληθῶσιν οἱ ἐν Θερίσῳ ἀρχηγοὶ εἰς τὴν σύγκλησιν τῆς Ἐθνοσυνελεύσεως, δεύτερον νὰ καταρτισθῇ ἐπιτροπὴ ἐκ τῶν τριῶν κομμάτων.

Ἡ ἐπιτροπὴ αὕτη συνῆλθεν ἀμέσως καὶ διὰ τῶν μελῶν αὐτῆς ἠρώτησε τὸν Πρόεδρον τῆς ἐπαναστατικῆς συνελεύσεως. Εἰς τὴν προηγουμένην συνεδρίαν ἀπεφάσισαν ὅτι οὐδεμία συνεννόησις εἶνε δυνατὴ ἐὰν οἱ ἐν Θερίσῳ δὲν καταθέσωσι τὰ ὅπλα.

Ὁ κ. Μιχελιδάκης ἐν τῇ τελευταίᾳ συνεδρίᾳ ἐτόνισεν ὅτι ἡ Βουλὴ ὀφείλει νὰ λάβῃ ἀπόφασιν ὁριστικὴν, «ὅτι ἐνώπιον τῶν περιστάσεων πάντες οἱ Κρῆτες ὀφείλουν νὰ ἑνωθῶσιν ἵνα ἐπιτύχωσι τὴν ἐθνικὴν ἀποκατάστασιν τῆς νήσου».

Ἡ ἐπιτροπὴ θὰ μεταβῇ αὔριον εἰς Θέρισον καὶ θὰ παραδώσῃ εἰς τὸν κ. Βενιζέλον τὴν ἀπόφασιν τῆς Βουλῆς, ἐλπίζεται δὲ ὅτι ἡ συνεννόησις θὰ ἐπιτευχθῇ.

Ἐπὶ μόνῃ δὲ τῇ βάσει ταύτῃ ἡ Βουλὴ παραδέχεται νὰ θεωρήσῃ τοὺς ἐν Θερίσῳ ὡς ἀντιπροσώπους τῆς νήσου. Τὸ ζήτημα θὰ κριθῇ ἐν τῇ προσεχεῖ συνεδρίᾳ τῶν Ἀρχηγῶν καὶ τοῦ κ. Τσουδερῶ, Πωλογεώργη καὶ Παπαμασταθάκη.

πόλεως ταύτης, ὑπέστη τὴν ἐπίθεσιν δέκα Βουλγάρων. Ὠπλισμένος ὅμως ἐπέτυχεν νὰ ἀμυνθῇ μέχρις οὗ ἔφθασεν ἡ ἀστυνομία ἀπωθήσασα τοὺς κακούργους.

Η ΚΑΤΑΣΤΡΟΦΗ
ΤΗΣ ΜΟΝΗΣ ΤΟΥ ΠΡΟΔΡΟΜΟΥ

Ἡ φοβερὰ καταστροφὴ τῆς μεγάλης καὶ ἱστορικῆς Μονῆς Ἰωάννου τοῦ Προδρόμου, κειμένης ἐκεῖ ἀπέναντι ἀπὸ ἐν ὄρει ὀλίγον βορείως τῆς πόλεως Νιγρίτης, κρατεῖ ἐν συγκινήσει ἅπαντα τὸν χριστιανικὸν πληθυσμὸν τῆς περιφερείας, μὴ ἐξαιρουμένων καὶ αὐτῶν τῶν σχισματικῶν.

Ἡ καταστροφὴ ἐγένετο τὴν 14ην λήξαντος μηνὸς ὑπὸ τοῦ αἱμοβόρου Βουλγάρου Λούκα, ἔχοντος ὑπὸ τὰς διαταγάς του 25 λῃστάς. Οὗτος περιέζωσε διὰ θέσιν ἐπιθέσεως τὴν Μονὴν καὶ νὰ ἐξασφαλίσῃ τὴν καταστροφὴν τῶν ἐν αὐτῇ ὄντων. Μετὰ τὸ ἔργον δὲ ἐξεκένωσαν ὅλας τὰς δεξαμενὰς τοῦ ἐλαίου καὶ κατέστρεψαν τοὺς Βυζαντινοὺς κώδικας.

Ἔπειτα ἔθεσαν πῦρ εἰς τὰ κελλία καὶ τὴν ἐκκλησίαν, ἀφοῦ διήρπασαν πάντα τὰ πολύτιμα σκεύη, τὰ ὁποῖα εἶχε συγκεντρώσει ἡ μονὴ ἐπὶ αἰῶνας.

Πρὸς τὸ θέαμα τοῦτο ἐν τῇ Μοναστηρίῳ ἔθηκεν εἰς τρεῖς σημεῖα τοῦ φρουρίου τὰ πυρομαχικά. Μετὰ τὴν ἀποχώρησιν ἔμειναν μόνον οἱ τοῖχοι καὶ κατακαυμένα ξύλα.

Ἀλλ' ὁ ἡγούμενος καὶ οἱ μοναχοὶ κατώρθωσαν νὰ διαφύγωσι τὸν θάνατον διὰ τῆς εἰς τὰ βουνὰ καταφυγῆς. Τὸ ζήτημα ἐτέθη ἐνώπιον τοῦ Πατριαρχείου.

Ἡ ὁλικὴ ζημία τῆς καταστροφῆς ἀνέρχεται εἰς 2.000 τουρκικὰς λίρας. Πλὴν τούτου εἰς 60—80 λίρας ἔτος ἐκ τῶν εἰσοδημάτων τῆς Μονῆς διετίθεντο διὰ τὴν συντήρησιν τῶν Σχολείων τῆς Ἑλληνικῆς Κοινότητος.

Ὁ Σ. Μητροπολίτης Βοδενῶν ἐδήλωσεν ὅτι ἡ Μονὴ θὰ ἀνοικοδομηθῇ διὰ συνδρομῶν τῶν πιστῶν. Ἡ Μονὴ αὕτη ἐκτίσθη τὸ 1842. Ἤδη ὅμως ὁ οἰκοδομικὴ καταστροφὴ κατέστησε ταύτην ἀκατοίκητον.

Ο ΤΟΠΟΣ ΤΗΣ ΣΥΝΑΝΤΗΣΕΩΣ

Ἡ ἐπιτροπὴ ἦλθε μετὰ μεσημβρίαν τῆς Τρίτης ἀπέστειλεν ἔγγραφον πρὸς τοὺς ἐν Θερίσῳ ἀρχηγούς, ἀναγγέλλουσα ὅτι αὐτὴ θὰ μεταβῇ πρὸς συνάντησιν αὐτῶν εἰς τόπον οὐδέτερον, ὅπως διεξαχθῶσιν αἱ διαπραγματεύσεις μετὰ τῶν ἀντιπροσώπων τῆς ἐπαναστάσεως.

Οἱ ἐν Θερίσῳ ἀπήντησαν ὅτι δέχονται τὴν πρότασιν ἀλλὰ ἐπιμένουσιν ὅπως ἡ συνάντησις γίνῃ εἰς τὸ χωρίον Λάκκοι, ἐντὸς τῆς ἐπαναστατικῆς περιφερείας. Ἡ Βουλὴ θὰ ἀποφανθῇ περὶ τούτου.

Ἐν τῷ μεταξὺ ἀνησυχία κρατεῖ ἐν τῇ πόλει διὰ τὰ ἐπεισόδια τὰ ὁποῖα ἐσημειώθησαν εἰς τὰ περίχωρα, ὅπου τμήματα τῆς Στρατοπεδίας συνεπλάκησαν μετὰ ἐπαναστατῶν.

Η ΣΥΓΚΛΗΣΙΣ ΕΘΝΟΣΥΝΕΛΕΥΣΕΩΣ

Κατὰ τὴν ἰδιαιτέραν τῆς ἔσπερας τῆς Τετάρτης συνεδρίασιν τῆς Βουλῆς ἀπεφασίσθη ἡ σύγκλησις τῆς Ἐθνοσυνελεύσεως ἐντὸς τοῦ Αὐγούστου. Ὁ κ. Μιχελιδάκης ἀνέγνωσε καὶ ἑτέρας ἐπιστολὰς ἐπιστολὰς τῶν κ. κ. Βενιζέλου καὶ Φούμη, δι' ὧν οἱ ἀρχηγοὶ τοῦ Θερίσου δηλοῦσιν ὅτι θὰ συναινέσωσιν εἰς τὴν σύγκλησιν ὑπὸ τὸν ὅρον ὅτι ἡ ψηφοφορία τῶν ἀντιπροσώπων θὰ γίνῃ ἐλευθέρως καὶ ἄνευ οὐδενὸς κινδύνου εἰς τὴν ἐθνικὴν μερίδα, πάσης ἐπεμβάσεως ἀρχῶν τῆς νήσου ἀποκλειομένης.
